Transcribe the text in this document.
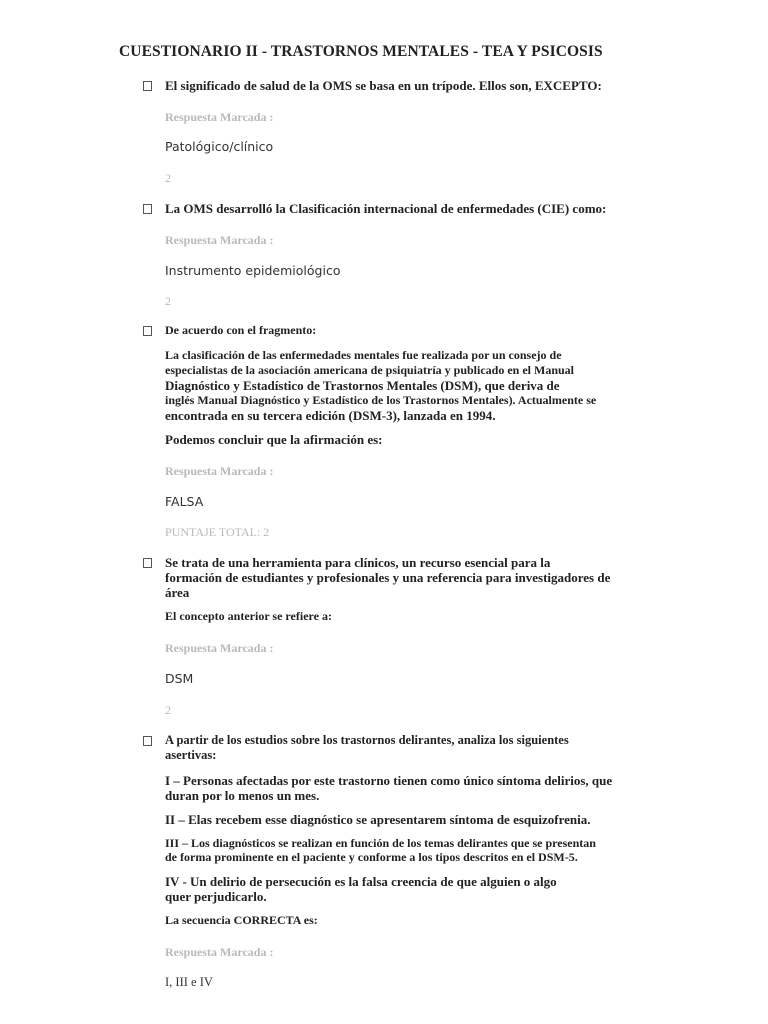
CUESTIONARIO II - TRASTORNOS MENTALES - TEA Y PSICOSIS
El significado de salud de la OMS se basa en un trípode. Ellos son, EXCEPTO:
Respuesta Marcada :
Patológico/clínico
2
La OMS desarrolló la Clasificación internacional de enfermedades (CIE) como:
Respuesta Marcada :
Instrumento epidemiológico
2
De acuerdo con el fragmento:
La clasificación de las enfermedades mentales fue realizada por un consejo de
especialistas de la asociación americana de psiquiatría y publicado en el Manual
Diagnóstico y Estadístico de Trastornos Mentales (DSM), que deriva de
inglés Manual Diagnóstico y Estadístico de los Trastornos Mentales). Actualmente se
encontrada en su tercera edición (DSM-3), lanzada en 1994.
Podemos concluir que la afirmación es:
Respuesta Marcada :
FALSA
PUNTAJE TOTAL: 2
Se trata de una herramienta para clínicos, un recurso esencial para la
formación de estudiantes y profesionales y una referencia para investigadores de
área
El concepto anterior se refiere a:
Respuesta Marcada :
DSM
2
A partir de los estudios sobre los trastornos delirantes, analiza los siguientes
asertivas:
I – Personas afectadas por este trastorno tienen como único síntoma delirios, que
duran por lo menos un mes.
II – Elas recebem esse diagnóstico se apresentarem síntoma de esquizofrenia.
III – Los diagnósticos se realizan en función de los temas delirantes que se presentan
de forma prominente en el paciente y conforme a los tipos descritos en el DSM-5.
IV - Un delirio de persecución es la falsa creencia de que alguien o algo
quer perjudicarlo.
La secuencia CORRECTA es:
Respuesta Marcada :
I, III e IV
